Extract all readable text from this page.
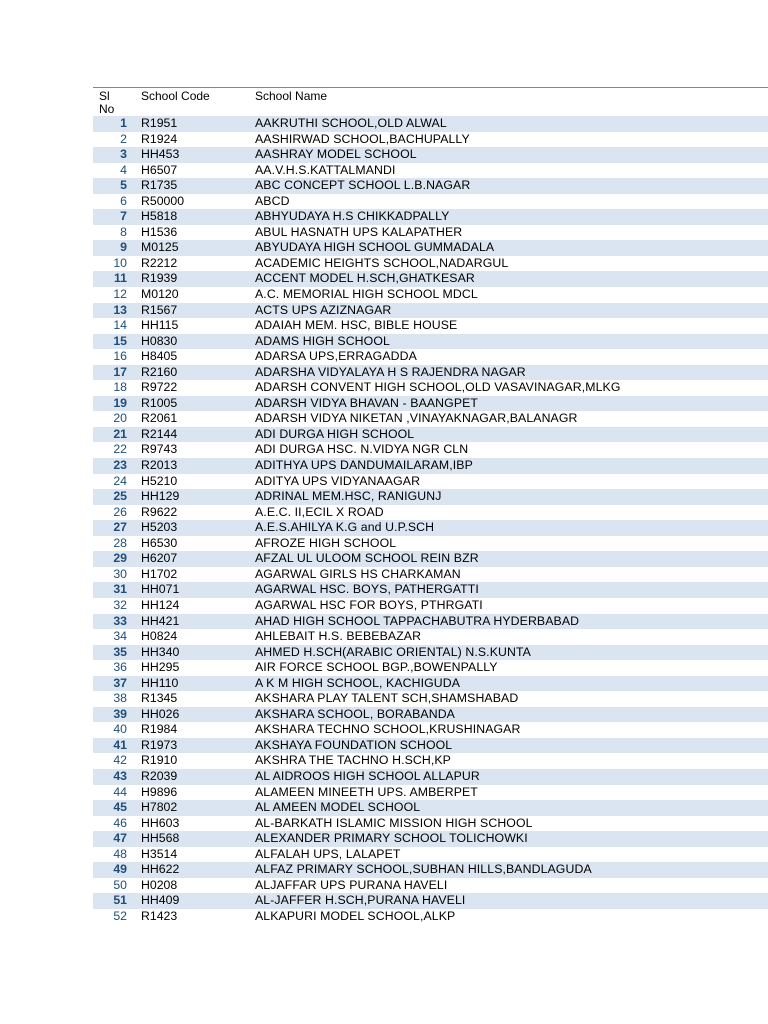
Sl
No
School Code	School Name
1 R1951	AAKRUTHI SCHOOL,OLD ALWAL
2 R1924	AASHIRWAD SCHOOL,BACHUPALLY
3 HH453	AASHRAY MODEL SCHOOL
4 H6507	AA.V.H.S.KATTALMANDI
5 R1735	ABC CONCEPT SCHOOL L.B.NAGAR
6 R50000	ABCD
7 H5818	ABHYUDAYA H.S CHIKKADPALLY
8 H1536	ABUL HASNATH UPS KALAPATHER
9 M0125	ABYUDAYA HIGH SCHOOL GUMMADALA
10 R2212	ACADEMIC HEIGHTS SCHOOL,NADARGUL
11 R1939	ACCENT MODEL H.SCH,GHATKESAR
12 M0120	A.C. MEMORIAL HIGH SCHOOL MDCL
13 R1567	ACTS UPS AZIZNAGAR
14 HH115	ADAIAH MEM. HSC, BIBLE HOUSE
15 H0830	ADAMS HIGH SCHOOL
16 H8405	ADARSA UPS,ERRAGADDA
17 R2160	ADARSHA VIDYALAYA H S RAJENDRA NAGAR
18 R9722	ADARSH CONVENT HIGH SCHOOL,OLD VASAVINAGAR,MLKG
19 R1005	ADARSH VIDYA BHAVAN - BAANGPET
20 R2061	ADARSH VIDYA NIKETAN ,VINAYAKNAGAR,BALANAGR
21 R2144	ADI DURGA HIGH SCHOOL
22 R9743	ADI DURGA HSC. N.VIDYA NGR CLN
23 R2013	ADITHYA UPS DANDUMAILARAM,IBP
24 H5210	ADITYA UPS VIDYANAAGAR
25 HH129	ADRINAL MEM.HSC, RANIGUNJ
26 R9622	A.E.C. II,ECIL X ROAD
27 H5203	A.E.S.AHILYA K.G and U.P.SCH
28 H6530	AFROZE HIGH SCHOOL
29 H6207	AFZAL UL ULOOM SCHOOL REIN BZR
30 H1702	AGARWAL GIRLS HS CHARKAMAN
31 HH071	AGARWAL HSC. BOYS, PATHERGATTI
32 HH124	AGARWAL HSC FOR BOYS, PTHRGATI
33 HH421	AHAD HIGH SCHOOL TAPPACHABUTRA HYDERBABAD
34 H0824	AHLEBAIT H.S. BEBEBAZAR
35 HH340	AHMED H.SCH(ARABIC ORIENTAL) N.S.KUNTA
36 HH295	AIR FORCE SCHOOL BGP.,BOWENPALLY
37 HH110	A K M HIGH SCHOOL, KACHIGUDA
38 R1345	AKSHARA PLAY TALENT SCH,SHAMSHABAD
39 HH026	AKSHARA SCHOOL, BORABANDA
40 R1984	AKSHARA TECHNO SCHOOL,KRUSHINAGAR
41 R1973	AKSHAYA FOUNDATION SCHOOL
42 R1910	AKSHRA THE TACHNO H.SCH,KP
43 R2039	AL AIDROOS HIGH SCHOOL ALLAPUR
44 H9896	ALAMEEN MINEETH UPS. AMBERPET
45 H7802	AL AMEEN MODEL SCHOOL
46 HH603	AL-BARKATH ISLAMIC MISSION HIGH SCHOOL
47 HH568	ALEXANDER PRIMARY SCHOOL TOLICHOWKI
48 H3514	ALFALAH UPS, LALAPET
49 HH622	ALFAZ PRIMARY SCHOOL,SUBHAN HILLS,BANDLAGUDA
50 H0208	ALJAFFAR UPS PURANA HAVELI
51 HH409	AL-JAFFER H.SCH,PURANA HAVELI
52 R1423	ALKAPURI MODEL SCHOOL,ALKP
